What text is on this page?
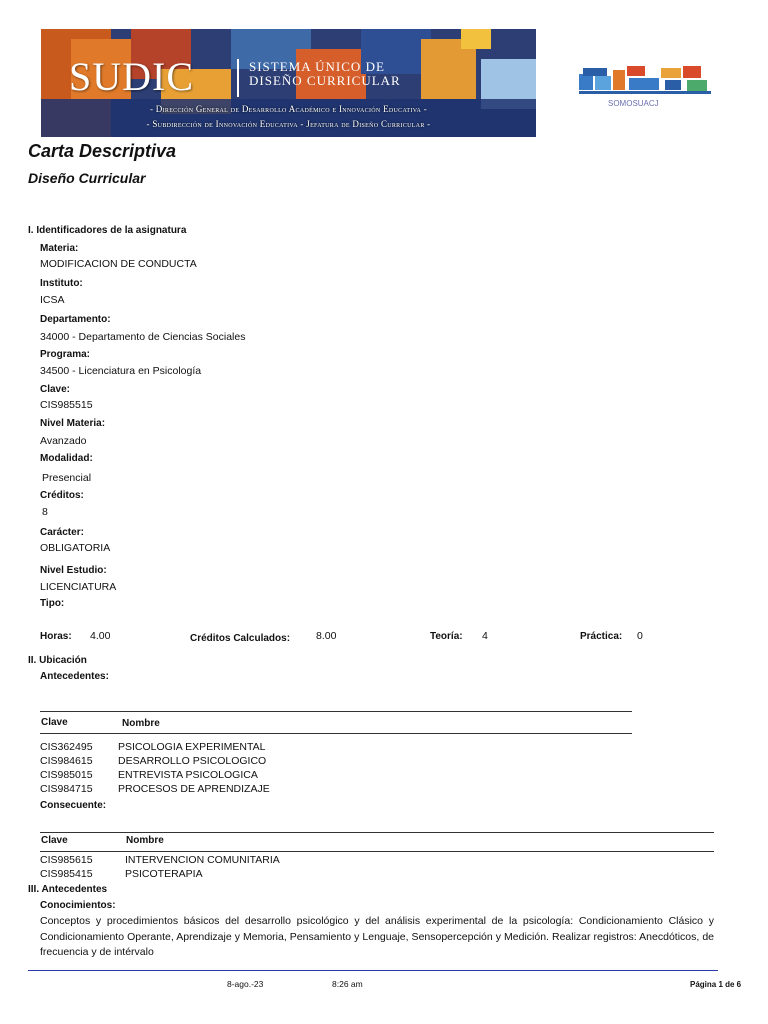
SUDIC	SISTEMA ÚNICO DE
DISEÑO CURRICULAR
- Dirección General de Desarrollo Académico e Innovación Educativa -
- Subdirección de Innovación Educativa - Jefatura de Diseño Curricular -
SOMOSUACJ
Carta Descriptiva
Diseño Curricular
I. Identificadores de la asignatura
Materia:
MODIFICACION DE CONDUCTA
Instituto:
ICSA
Departamento:
34000 - Departamento de Ciencias Sociales
Programa:
34500 - Licenciatura en Psicología
Clave:
CIS985515
Nivel Materia:
Avanzado
Modalidad:
Presencial
Créditos:
8
Carácter:
OBLIGATORIA
Nivel Estudio:
LICENCIATURA
Tipo:
Horas: 4.00	Créditos Calculados: 8.00	Teoría: 4	Práctica: 0
II. Ubicación
Antecedentes:
Clave	Nombre
CIS362495	PSICOLOGIA EXPERIMENTAL
CIS984615 DESARROLLO PSICOLOGICO
CIS985015 ENTREVISTA PSICOLOGICA
CIS984715 PROCESOS DE APRENDIZAJE
Consecuente:
Clave	Nombre
CIS985615	INTERVENCION COMUNITARIA
CIS985415	PSICOTERAPIA
III. Antecedentes
Conocimientos:
Conceptos y procedimientos básicos del desarrollo psicológico y del análisis experimental de la psicología: Condicionamiento Clásico y Condicionamiento Operante, Aprendizaje y Memoria, Pensamiento y Lenguaje, Sensopercepción y Medición. Realizar registros: Anecdóticos, de frecuencia y de intérvalo
8-ago.-23	8:26 am	Página 1 de 6
